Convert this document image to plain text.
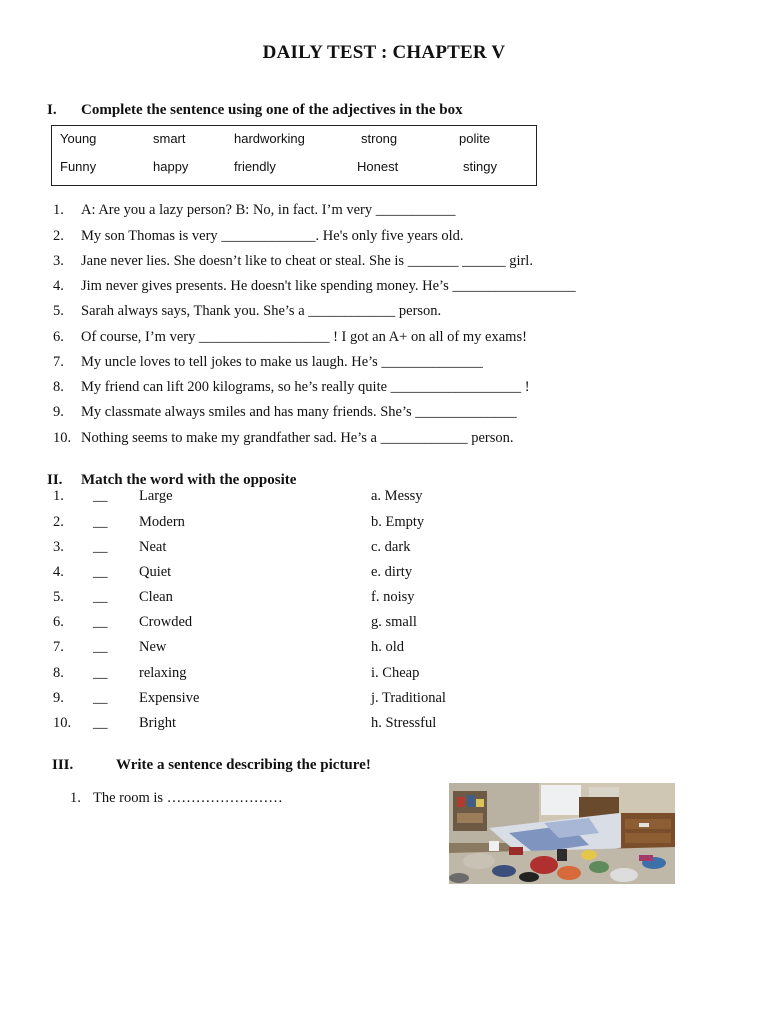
DAILY TEST : CHAPTER V
I. Complete the sentence using one of the adjectives in the box
Young	smart	hardworking	strong	polite
Funny	happy	friendly	Honest	stingy
1. A: Are you a lazy person? B: No, in fact. I’m very ___________
2. My son Thomas is very _____________. He's only five years old.
3. Jane never lies. She doesn’t like to cheat or steal. She is _______ ______ girl.
4. Jim never gives presents. He doesn't like spending money. He’s _________________
5. Sarah always says, Thank you. She’s a ____________ person.
6. Of course, I’m very __________________ ! I got an A+ on all of my exams!
7. My uncle loves to tell jokes to make us laugh. He’s ______________
8. My friend can lift 200 kilograms, so he’s really quite __________________ !
9. My classmate always smiles and has many friends. She’s ______________
10. Nothing seems to make my grandfather sad. He’s a ____________ person.
II. Match the word with the opposite
1. __ Large	a. Messy
2. __ Modern	b. Empty
3. __ Neat	c. dark
4. __ Quiet	e. dirty
5. __ Clean	f. noisy
6. __ Crowded	g. small
7. __ New	h. old
8. __ relaxing	i. Cheap
9. __ Expensive	j. Traditional
10. __ Bright	h. Stressful
III.	Write a sentence describing the picture!
1. The room is ……………………
